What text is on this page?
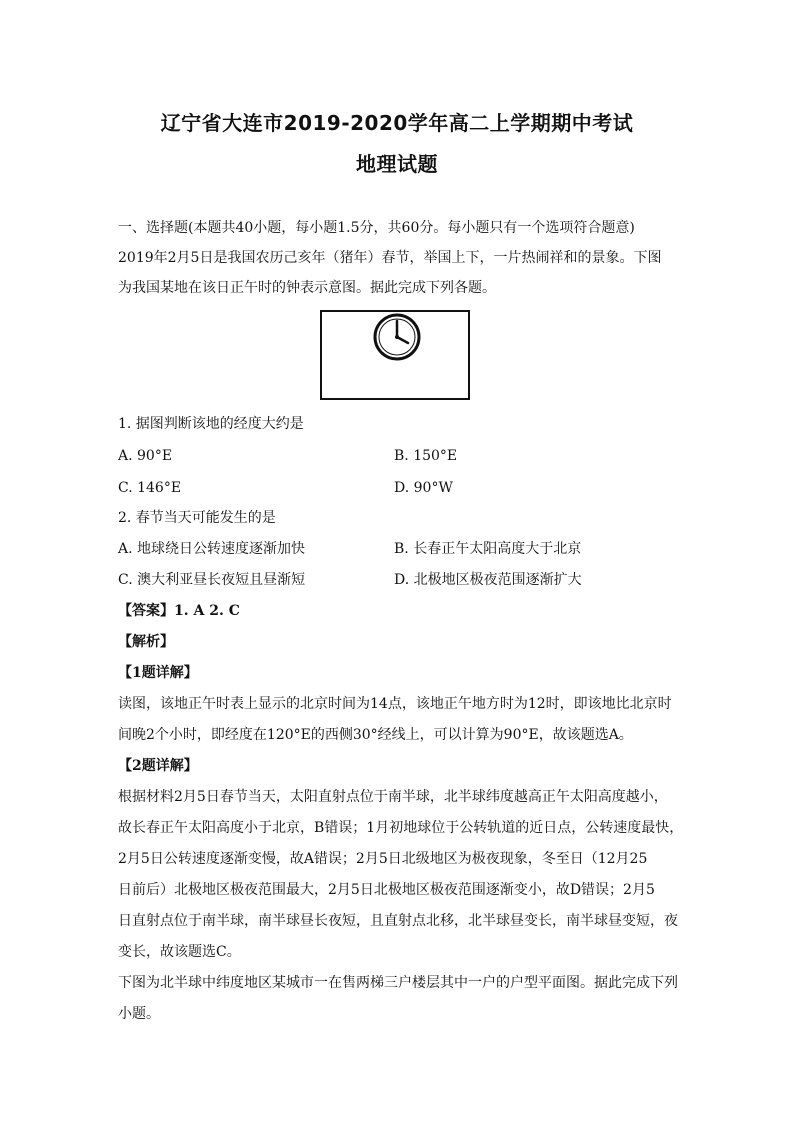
辽宁省大连市2019-2020学年高二上学期期中考试
地理试题
一、选择题(本题共40小题，每小题1.5分，共60分。每小题只有一个选项符合题意)
2019年2月5日是我国农历己亥年（猪年）春节，举国上下，一片热闹祥和的景象。下图
为我国某地在该日正午时的钟表示意图。据此完成下列各题。
1. 据图判断该地的经度大约是
A. 90°E	B. 150°E
C. 146°E	D. 90°W
2. 春节当天可能发生的是
A. 地球绕日公转速度逐渐加快	B. 长春正午太阳高度大于北京
C. 澳大利亚昼长夜短且昼渐短	D. 北极地区极夜范围逐渐扩大
【答案】1. A 2. C
【解析】
【1题详解】
读图，该地正午时表上显示的北京时间为14点，该地正午地方时为12时，即该地比北京时
间晚2个小时，即经度在120°E的西侧30°经线上，可以计算为90°E，故该题选A。
【2题详解】
根据材料2月5日春节当天，太阳直射点位于南半球，北半球纬度越高正午太阳高度越小，
故长春正午太阳高度小于北京，B错误；1月初地球位于公转轨道的近日点，公转速度最快，
2月5日公转速度逐渐变慢，故A错误；2月5日北级地区为极夜现象，冬至日（12月25
日前后）北极地区极夜范围最大，2月5日北极地区极夜范围逐渐变小，故D错误；2月5
日直射点位于南半球，南半球昼长夜短，且直射点北移，北半球昼变长，南半球昼变短，夜
变长，故该题选C。
下图为北半球中纬度地区某城市一在售两梯三户楼层其中一户的户型平面图。据此完成下列
小题。
